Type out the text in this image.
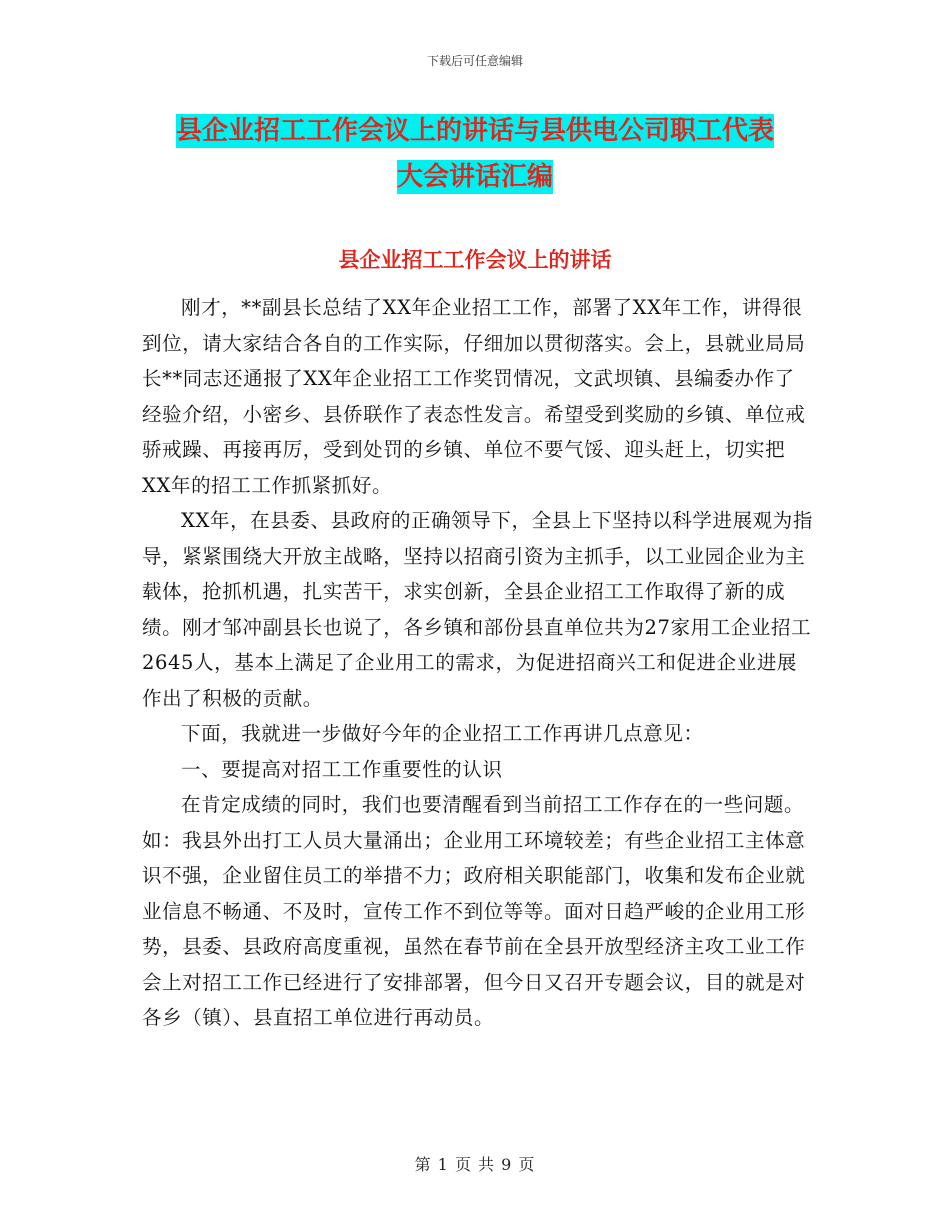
下载后可任意编辑
县企业招工工作会议上的讲话与县供电公司职工代表
大会讲话汇编
县企业招工工作会议上的讲话

刚才，**副县长总结了XX年企业招工工作，部署了XX年工作，讲得很到位，请大家结合各自的工作实际，仔细加以贯彻落实。会上，县就业局局长**同志还通报了XX年企业招工工作奖罚情况，文武坝镇、县编委办作了经验介绍，小密乡、县侨联作了表态性发言。希望受到奖励的乡镇、单位戒骄戒躁、再接再厉，受到处罚的乡镇、单位不要气馁、迎头赶上，切实把XX年的招工工作抓紧抓好。

XX年，在县委、县政府的正确领导下，全县上下坚持以科学进展观为指导，紧紧围绕大开放主战略，坚持以招商引资为主抓手，以工业园企业为主载体，抢抓机遇，扎实苦干，求实创新，全县企业招工工作取得了新的成绩。刚才邹冲副县长也说了，各乡镇和部份县直单位共为27家用工企业招工2645人，基本上满足了企业用工的需求，为促进招商兴工和促进企业进展作出了积极的贡献。

下面，我就进一步做好今年的企业招工工作再讲几点意见：

一、要提高对招工工作重要性的认识

在肯定成绩的同时，我们也要清醒看到当前招工工作存在的一些问题。如：我县外出打工人员大量涌出；企业用工环境较差；有些企业招工主体意识不强，企业留住员工的举措不力；政府相关职能部门，收集和发布企业就业信息不畅通、不及时，宣传工作不到位等等。面对日趋严峻的企业用工形势，县委、县政府高度重视，虽然在春节前在全县开放型经济主攻工业工作会上对招工工作已经进行了安排部署，但今日又召开专题会议，目的就是对各乡（镇）、县直招工单位进行再动员。

第 1 页 共 9 页
